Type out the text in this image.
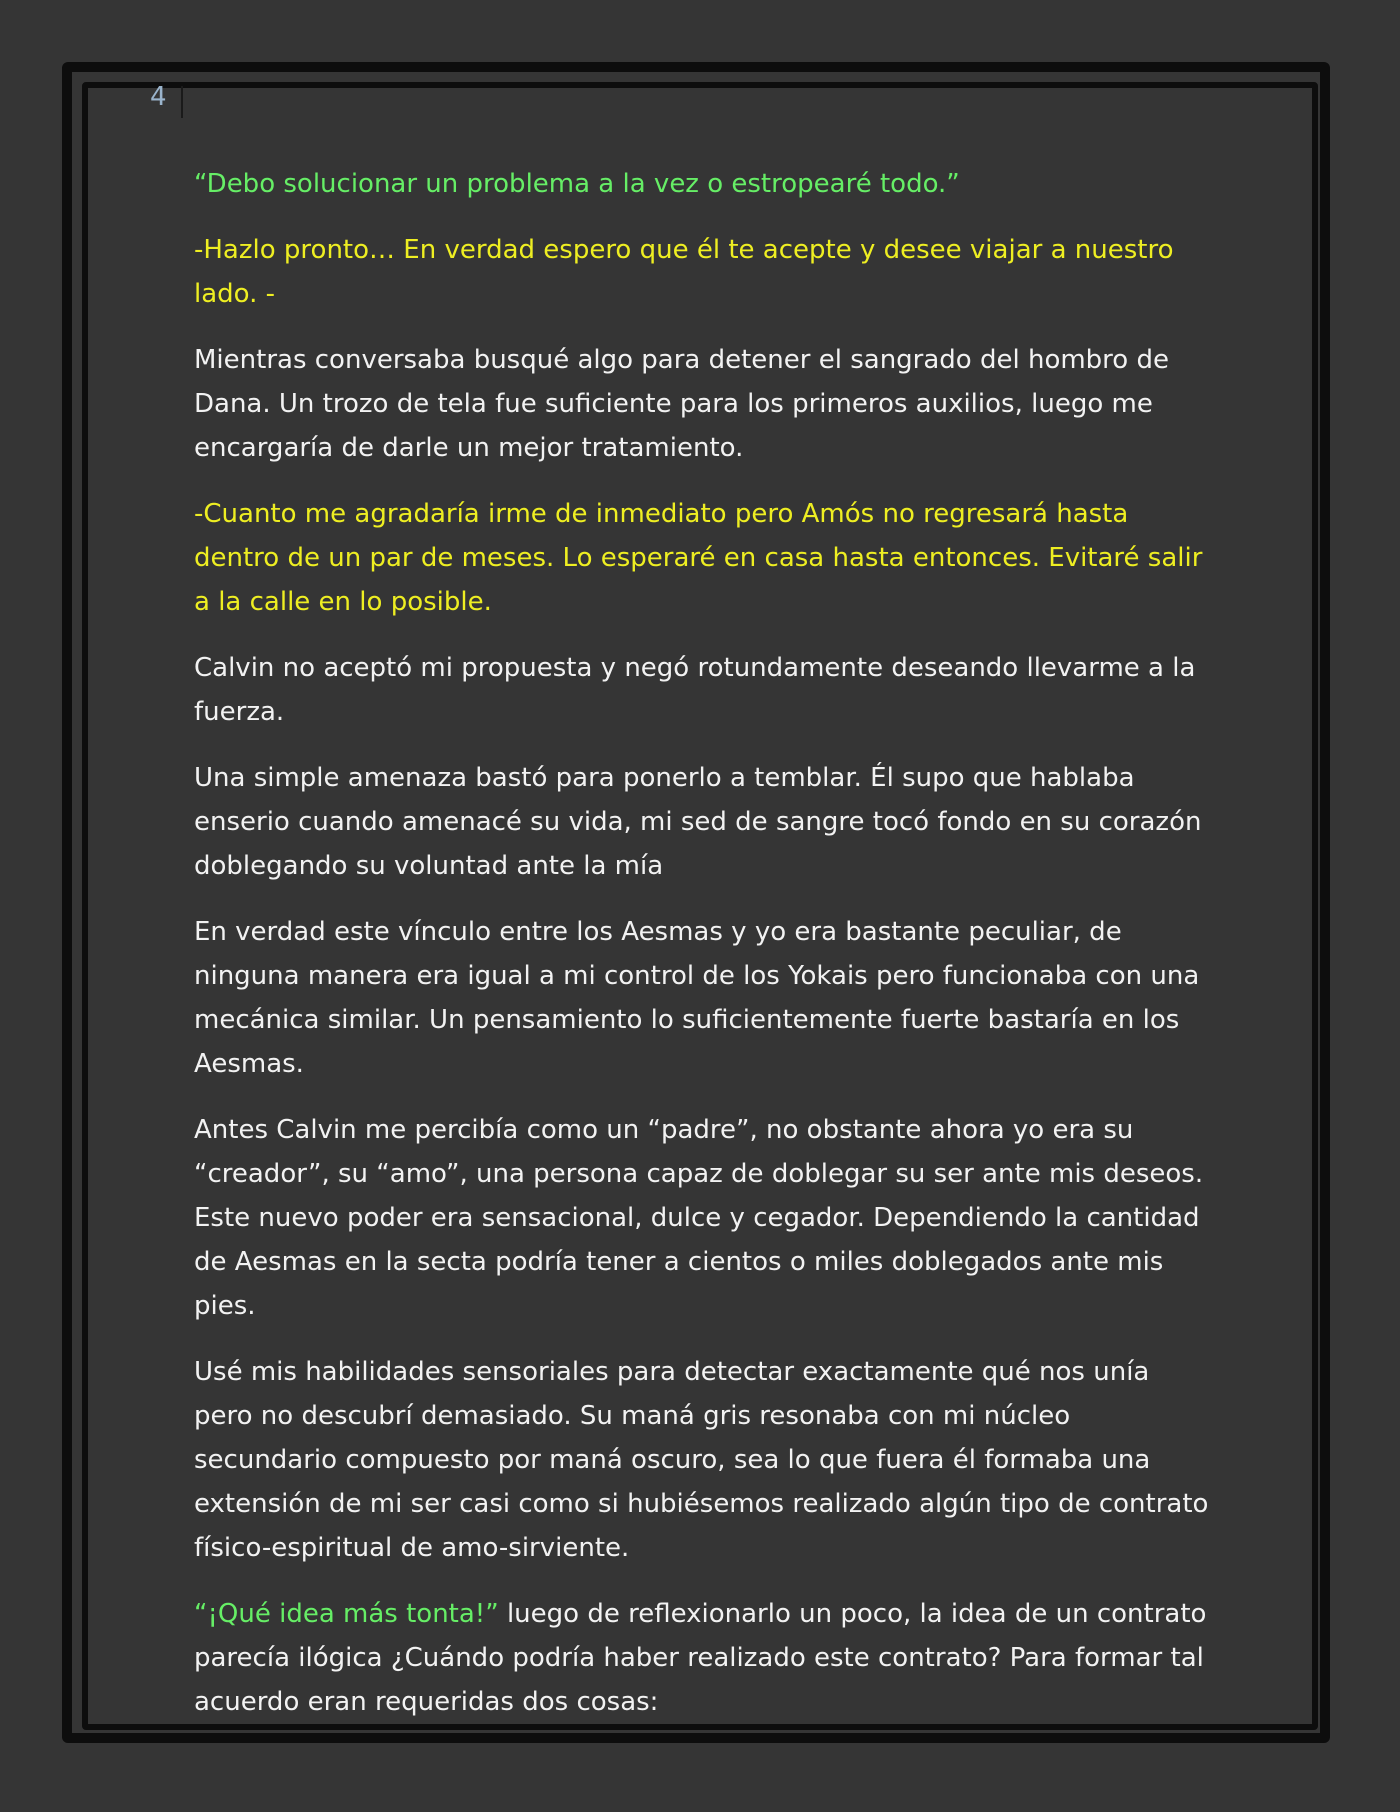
4

“Debo solucionar un problema a la vez o estropearé todo.”

-Hazlo pronto… En verdad espero que él te acepte y desee viajar a nuestro lado. -

Mientras conversaba busqué algo para detener el sangrado del hombro de Dana. Un trozo de tela fue suficiente para los primeros auxilios, luego me encargaría de darle un mejor tratamiento.

-Cuanto me agradaría irme de inmediato pero Amós no regresará hasta dentro de un par de meses. Lo esperaré en casa hasta entonces. Evitaré salir a la calle en lo posible.

Calvin no aceptó mi propuesta y negó rotundamente deseando llevarme a la fuerza.

Una simple amenaza bastó para ponerlo a temblar. Él supo que hablaba enserio cuando amenacé su vida, mi sed de sangre tocó fondo en su corazón doblegando su voluntad ante la mía

En verdad este vínculo entre los Aesmas y yo era bastante peculiar, de ninguna manera era igual a mi control de los Yokais pero funcionaba con una mecánica similar. Un pensamiento lo suficientemente fuerte bastaría en los Aesmas.

Antes Calvin me percibía como un “padre”, no obstante ahora yo era su “creador”, su “amo”, una persona capaz de doblegar su ser ante mis deseos. Este nuevo poder era sensacional, dulce y cegador. Dependiendo la cantidad de Aesmas en la secta podría tener a cientos o miles doblegados ante mis pies.

Usé mis habilidades sensoriales para detectar exactamente qué nos unía pero no descubrí demasiado. Su maná gris resonaba con mi núcleo secundario compuesto por maná oscuro, sea lo que fuera él formaba una extensión de mi ser casi como si hubiésemos realizado algún tipo de contrato físico-espiritual de amo-sirviente.

“¡Qué idea más tonta!” luego de reflexionarlo un poco, la idea de un contrato parecía ilógica ¿Cuándo podría haber realizado este contrato? Para formar tal acuerdo eran requeridas dos cosas:
